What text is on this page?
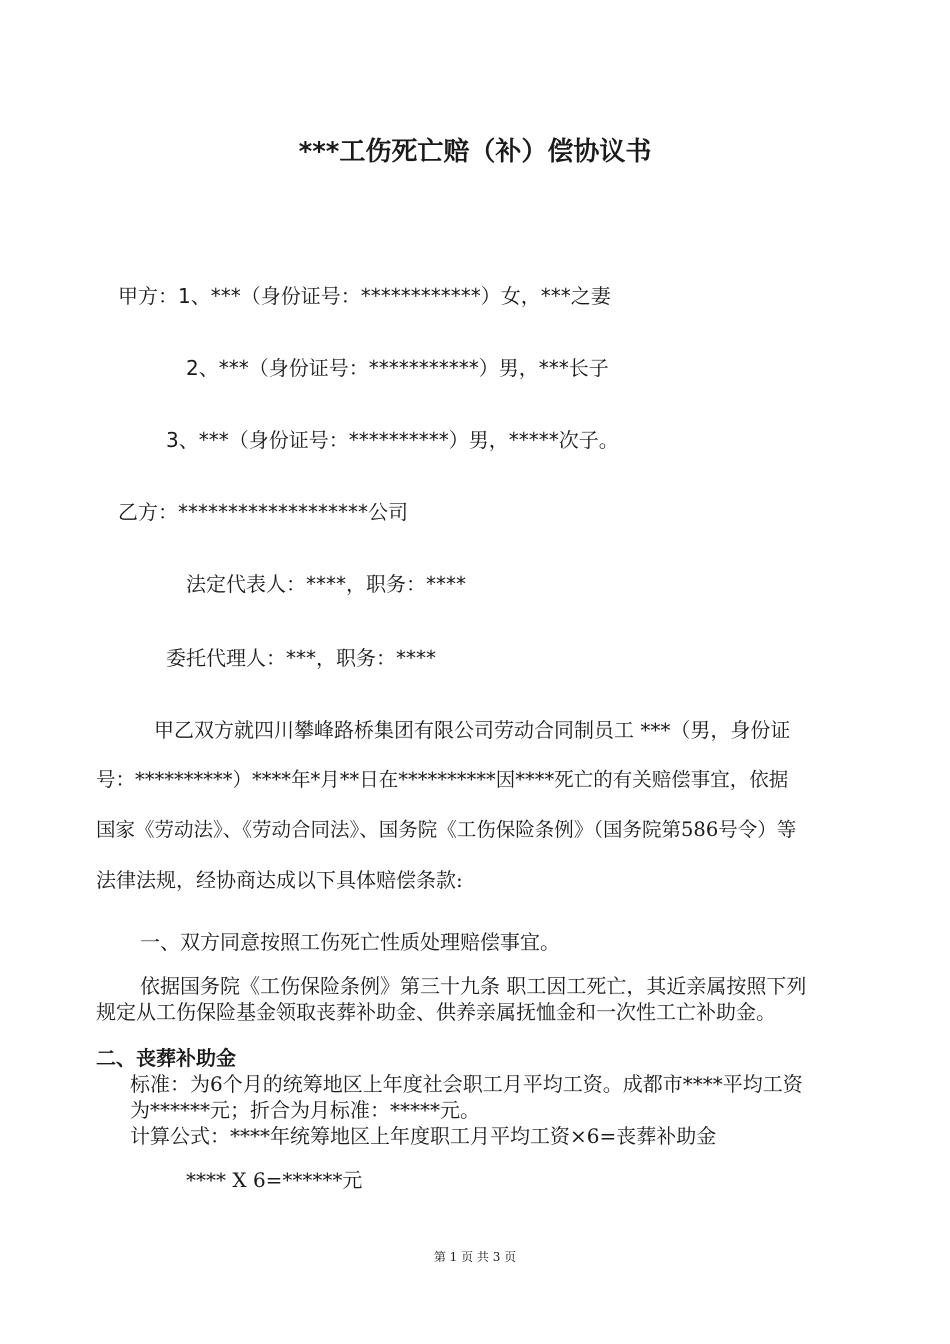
***工伤死亡赔（补）偿协议书
甲方：1、***（身份证号：************）女，***之妻
2、***（身份证号：***********）男，***长子
3、***（身份证号：**********）男，*****次子。
乙方：*******************公司
法定代表人：****，职务：****
委托代理人：***，职务：****
甲乙双方就四川攀峰路桥集团有限公司劳动合同制员工 ***（男，身份证
号：**********）****年*月**日在**********因****死亡的有关赔偿事宜，依据
国家《劳动法》、《劳动合同法》、国务院《工伤保险条例》（国务院第586号令）等
法律法规，经协商达成以下具体赔偿条款:
一、双方同意按照工伤死亡性质处理赔偿事宜。
依据国务院《工伤保险条例》第三十九条 职工因工死亡，其近亲属按照下列
规定从工伤保险基金领取丧葬补助金、供养亲属抚恤金和一次性工亡补助金。
二、丧葬补助金
标准：为6个月的统筹地区上年度社会职工月平均工资。成都市****平均工资
为******元；折合为月标准：*****元。
计算公式：****年统筹地区上年度职工月平均工资×6=丧葬补助金
**** X 6=******元
第 1 页 共 3 页
